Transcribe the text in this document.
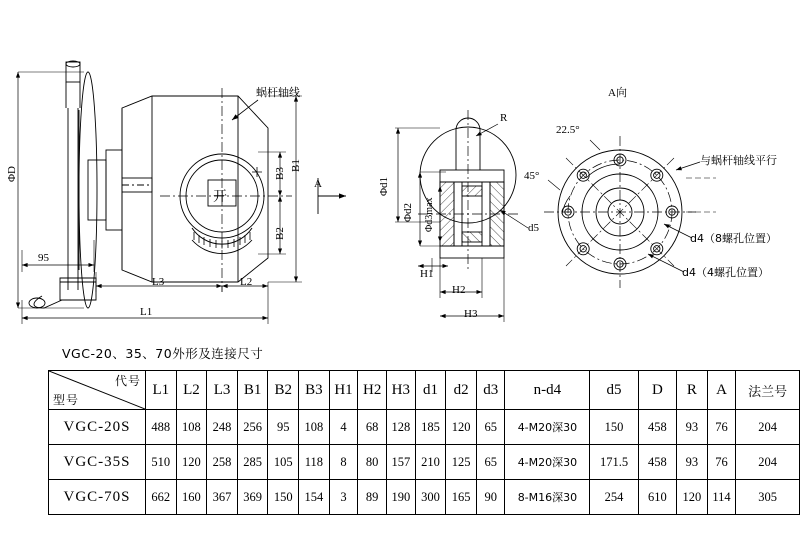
ΦD
95
L3	L2
L1
B1
B3
B2
蜗杆轴线
开
A	Φd1
Φd2 Φd3max
H1
H2
H3
d5
R
A向
22.5°
45°
与蜗杆轴线平行
d4（8螺孔位置）
d4（4螺孔位置）
VGC-20、35、70外形及连接尺寸
代号
型号	L1	L2	L3	B1	B2	B3	H1	H2	H3	d1	d2	d3	n-d4	d5	D	R	A	法兰号
VGC-20S	488	108	248	256	95	108	4	68	128	185	120	65	4-M20深30	150	458	93	76	204
VGC-35S	510	120	258	285	105	118	8	80	157	210	125	65	4-M20深30	171.5	458	93	76	204
VGC-70S	662	160	367	369	150	154	3	89	190	300	165	90	8-M16深30	254	610	120	114	305
